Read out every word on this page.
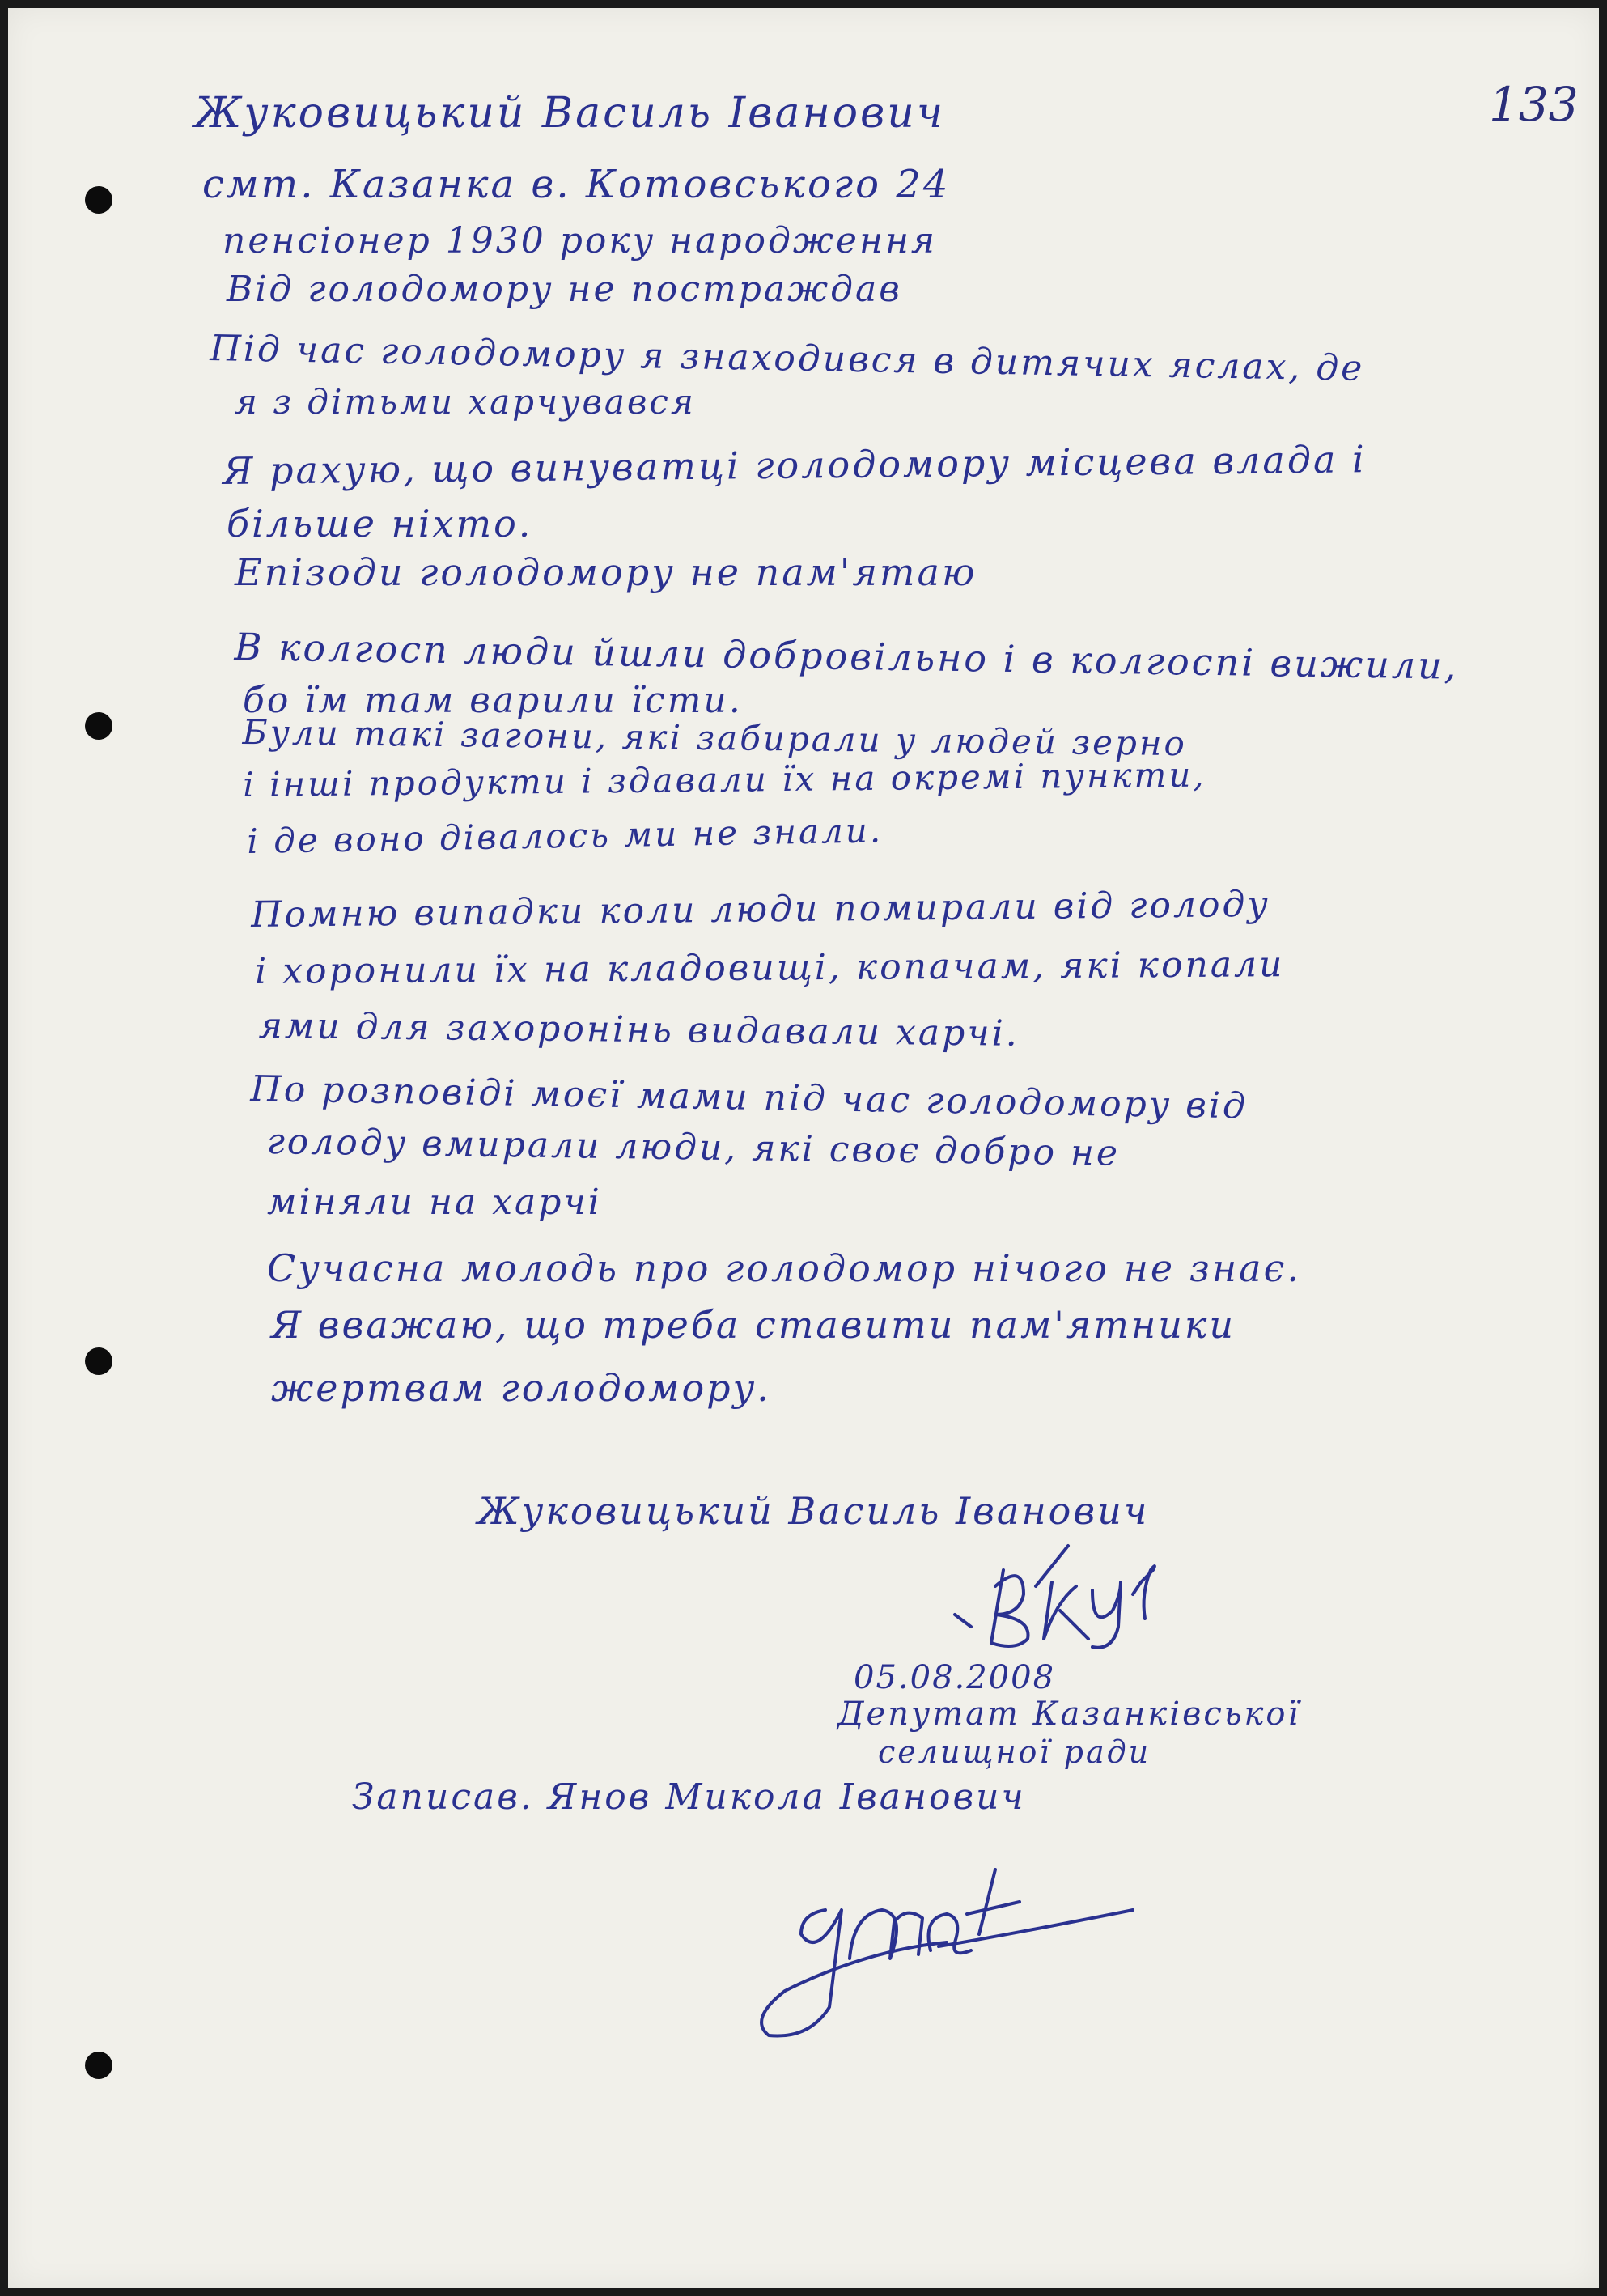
133
Жуковицький Василь Іванович
смт. Казанка в. Котовського 24
пенсіонер 1930 року народження
Від голодомору не постраждав
Під час голодомору я знаходився в дитячих яслах, де
я з дітьми харчувався
Я рахую, що винуватці голодомору місцева влада і
більше ніхто.
Епізоди голодомору не пам'ятаю
В колгосп люди йшли добровільно і в колгоспі вижили,
бо їм там варили їсти.
Були такі загони, які забирали у людей зерно
і інші продукти і здавали їх на окремі пункти,
і де воно дівалось ми не знали.
Помню випадки коли люди помирали від голоду
і хоронили їх на кладовищі, копачам, які копали
ями для захоронінь видавали харчі.
По розповіді моєї мами під час голодомору від
голоду вмирали люди, які своє добро не
міняли на харчі
Сучасна молодь про голодомор нічого не знає.
Я вважаю, що треба ставити пам'ятники
жертвам голодомору.
Жуковицький Василь Іванович
05.08.2008
Депутат Казанківської
селищної ради
Записав. Янов Микола Іванович
